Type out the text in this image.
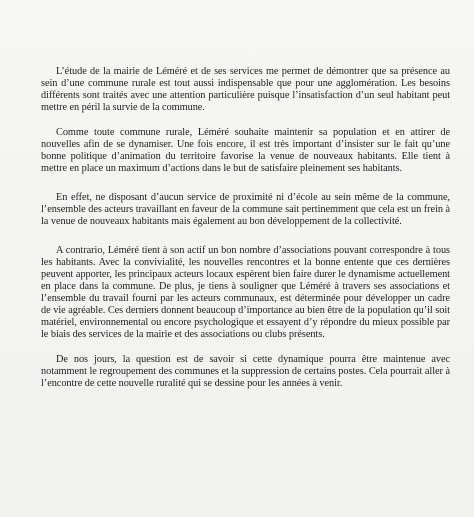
L’étude de la mairie de Léméré et de ses services me permet de démontrer que sa présence au sein d’une commune rurale est tout aussi indispensable que pour une agglomération. Les besoins différents sont traités avec une attention particulière puisque l’insatisfaction d’un seul habitant peut mettre en péril la survie de la commune.

Comme toute commune rurale, Léméré souhaite maintenir sa population et en attirer de nouvelles afin de se dynamiser. Une fois encore, il est très important d’insister sur le fait qu’une bonne politique d’animation du territoire favorise la venue de nouveaux habitants. Elle tient à mettre en place un maximum d’actions dans le but de satisfaire pleinement ses habitants.

En effet, ne disposant d’aucun service de proximité ni d’école au sein même de la commune, l’ensemble des acteurs travaillant en faveur de la commune sait pertinemment que cela est un frein à la venue de nouveaux habitants mais également au bon développement de la collectivité.

A contrario, Léméré tient à son actif un bon nombre d’associations pouvant correspondre à tous les habitants. Avec la convivialité, les nouvelles rencontres et la bonne entente que ces dernières peuvent apporter, les principaux acteurs locaux espèrent bien faire durer le dynamisme actuellement en place dans la commune. De plus, je tiens à souligner que Léméré à travers ses associations et l’ensemble du travail fourni par les acteurs communaux, est déterminée pour développer un cadre de vie agréable. Ces derniers donnent beaucoup d’importance au bien être de la population qu’il soit matériel, environnemental ou encore psychologique et essayent d’y répondre du mieux possible par le biais des services de la mairie et des associations ou clubs présents.

De nos jours, la question est de savoir si cette dynamique pourra être maintenue avec notamment le regroupement des communes et la suppression de certains postes. Cela pourrait aller à l’encontre de cette nouvelle ruralité qui se dessine pour les années à venir.
